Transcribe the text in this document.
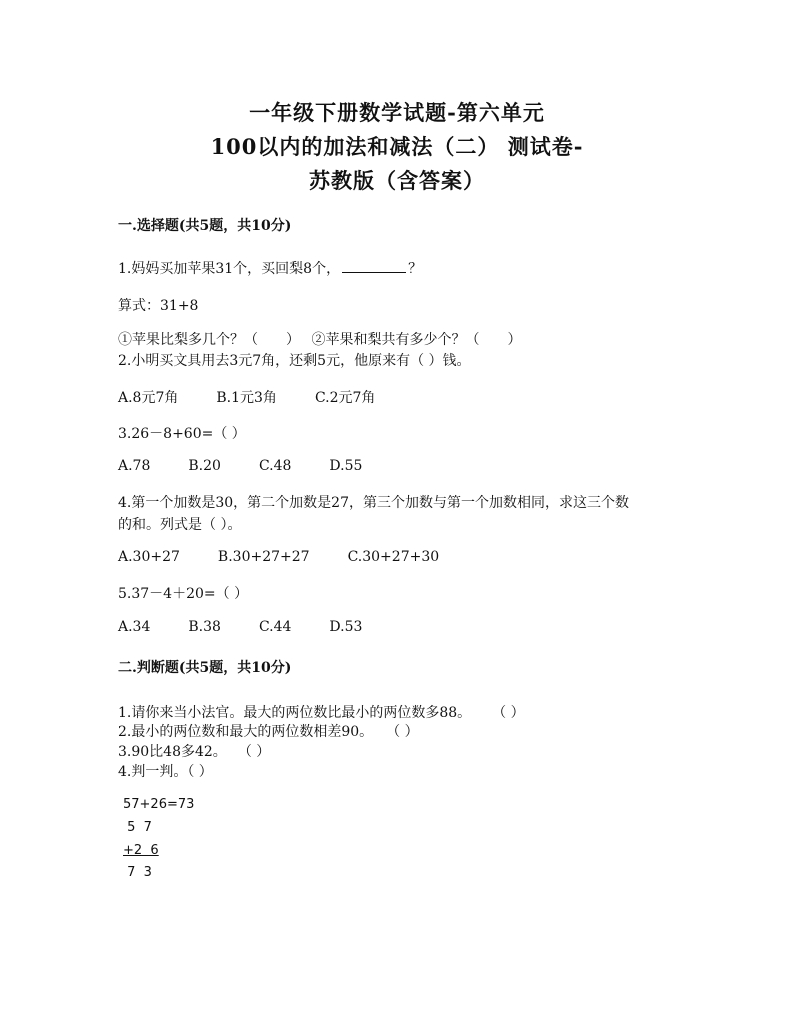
一年级下册数学试题-第六单元
100以内的加法和减法（二） 测试卷-
苏教版（含答案）
一.选择题(共5题，共10分)
1.妈妈买加苹果31个，买回梨8个，	？
算式：31+8
①苹果比梨多几个？（　　）　 ②苹果和梨共有多少个？（　　）
2.小明买文具用去3元7角，还剩5元，他原来有（ ）钱。
A.8元7角	B.1元3角	C.2元7角
3.26－8+60=（ ）
A.78	B.20	C.48	D.55
4.第一个加数是30，第二个加数是27，第三个加数与第一个加数相同，求这三个数
的和。列式是（ ）。
A.30+27	B.30+27+27	C.30+27+30
5.37－4＋20=（ ）
A.34	B.38	C.44	D.53
二.判断题(共5题，共10分)
1.请你来当小法官。最大的两位数比最小的两位数多88。 （ ）
2.最小的两位数和最大的两位数相差90。 （ ）
3.90比48多42。 （ ）
4.判一判。（ ）
57+26=73
5  7
+2  6
7  3
